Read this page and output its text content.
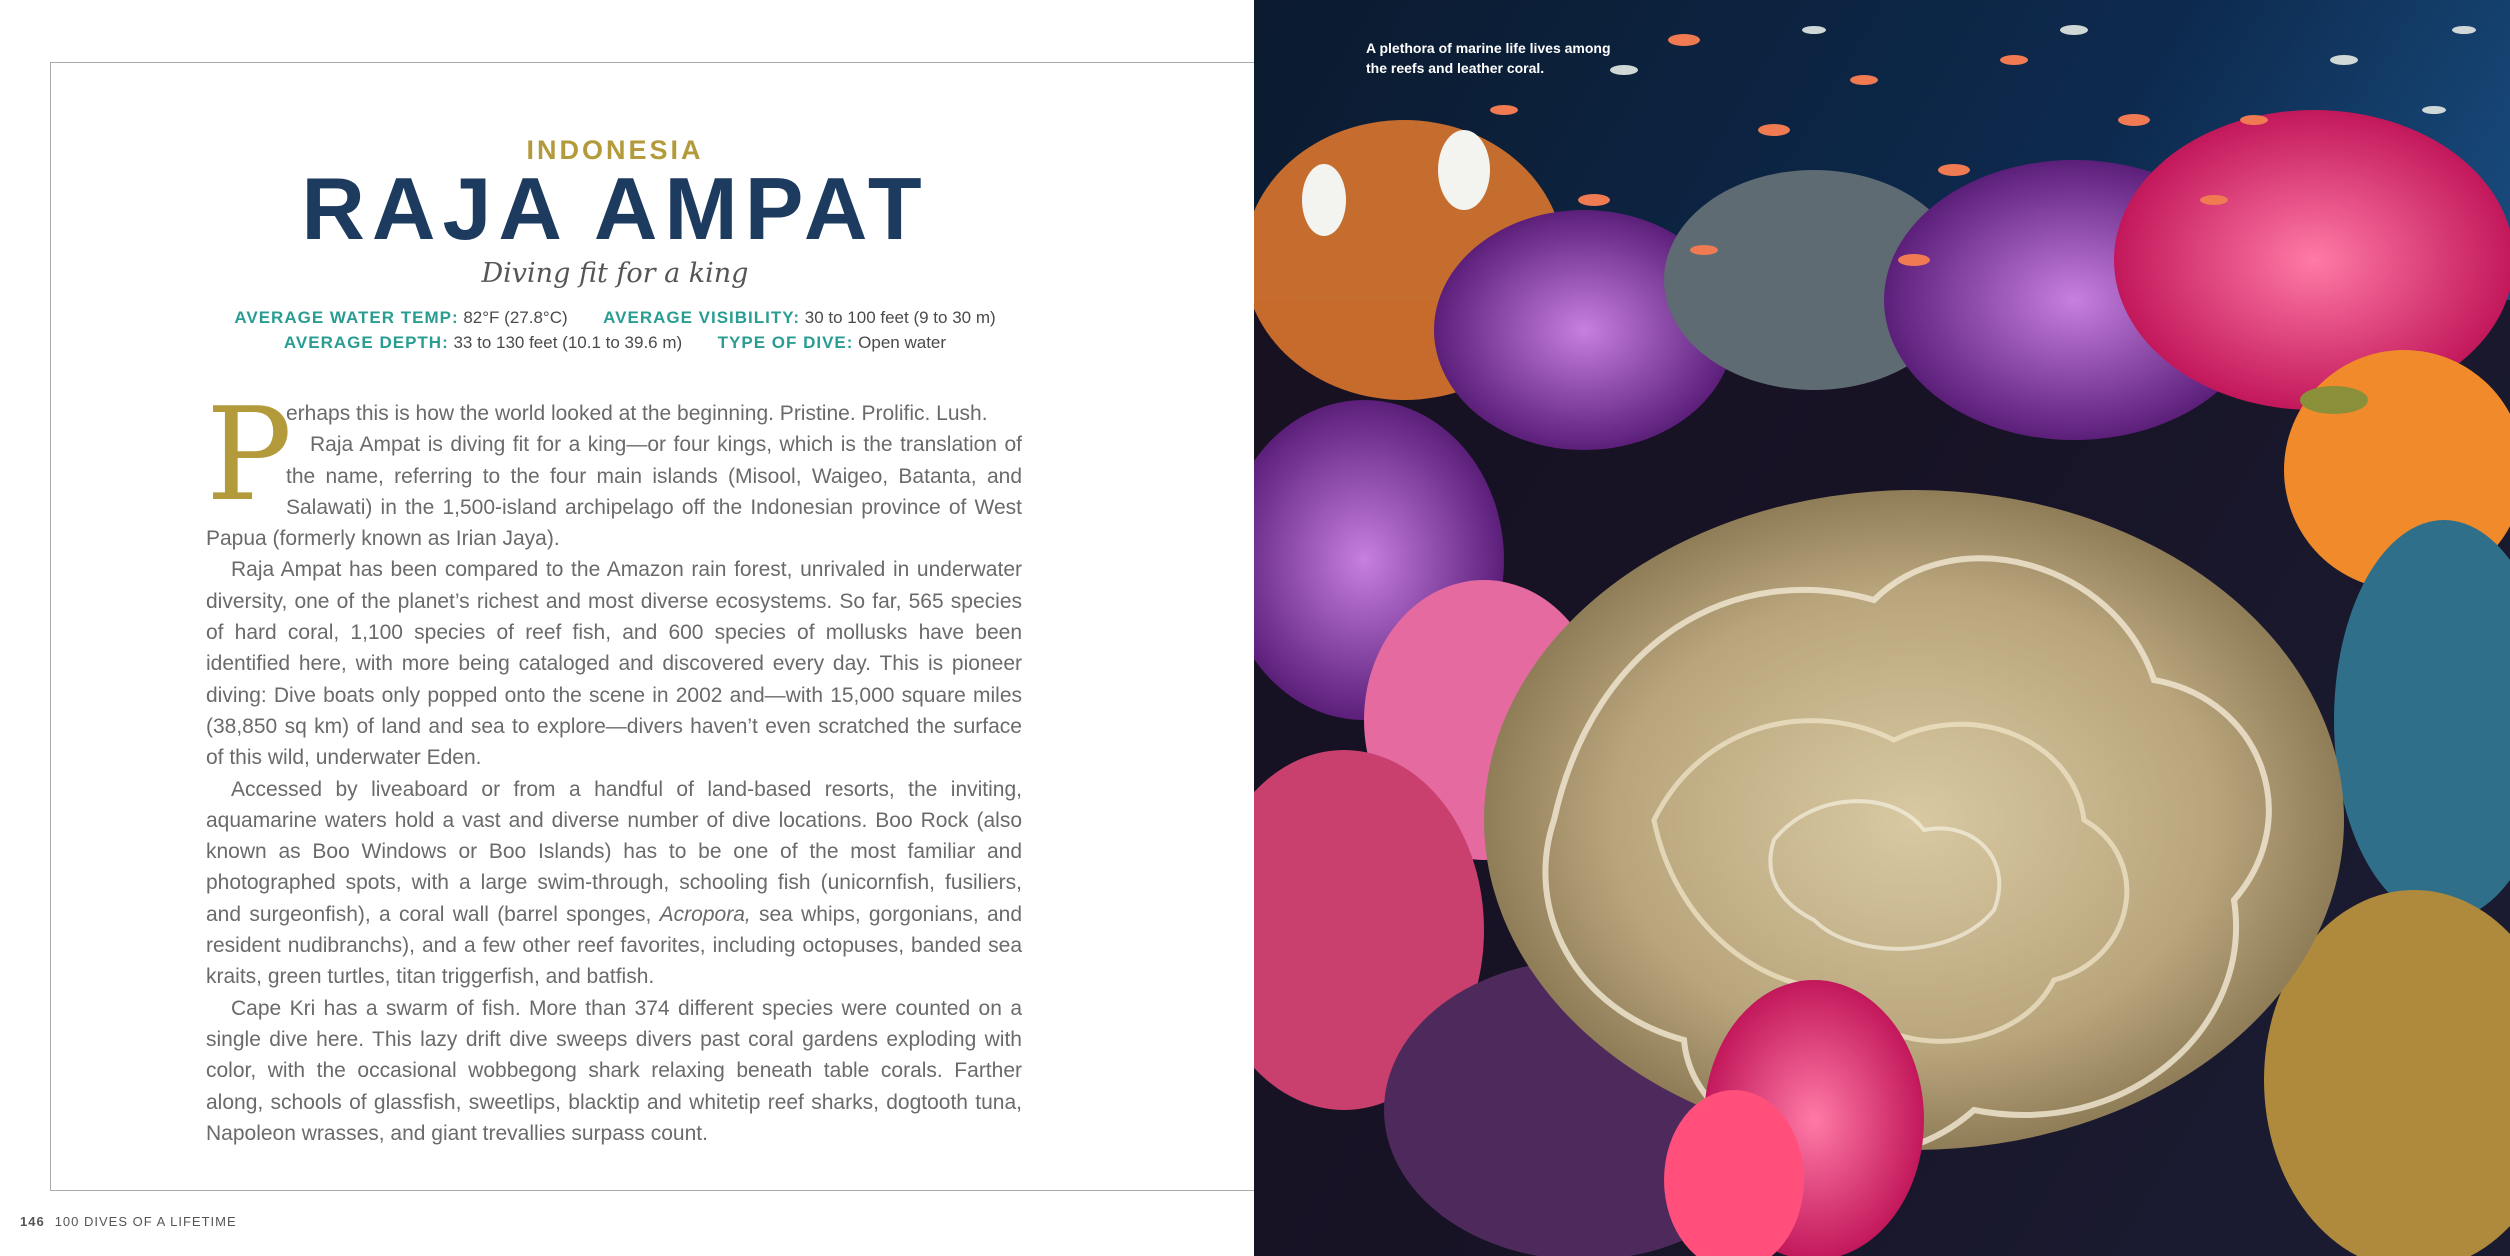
INDONESIA
RAJA AMPAT
Diving fit for a king
AVERAGE WATER TEMP: 82°F (27.8°C) AVERAGE VISIBILITY: 30 to 100 feet (9 to 30 m)
AVERAGE DEPTH: 33 to 130 feet (10.1 to 39.6 m) TYPE OF DIVE: Open water

P
erhaps this is how the world looked at the beginning. Pristine. Prolific. Lush.
Raja Ampat is diving fit for a king—or four kings, which is the translation of the name, referring to the four main islands (Misool, Waigeo, Batanta, and Salawati) in the 1,500-island archipelago off the Indonesian province of West Papua (formerly known as Irian Jaya).

Raja Ampat has been compared to the Amazon rain forest, unrivaled in underwater diversity, one of the planet’s richest and most diverse ecosystems. So far, 565 species of hard coral, 1,100 species of reef fish, and 600 species of mollusks have been identified here, with more being cataloged and discovered every day. This is pioneer diving: Dive boats only popped onto the scene in 2002 and—with 15,000 square miles (38,850 sq km) of land and sea to explore—divers haven’t even scratched the surface of this wild, underwater Eden.

Accessed by liveaboard or from a handful of land-based resorts, the inviting, aquamarine waters hold a vast and diverse number of dive locations. Boo Rock (also known as Boo Windows or Boo Islands) has to be one of the most familiar and photographed spots, with a large swim-through, schooling fish (unicornfish, fusiliers, and surgeonfish), a coral wall (barrel sponges, Acropora, sea whips, gorgonians, and resident nudibranchs), and a few other reef favorites, including octopuses, banded sea kraits, green turtles, titan triggerfish, and batfish.

Cape Kri has a swarm of fish. More than 374 different species were counted on a single dive here. This lazy drift dive sweeps divers past coral gardens exploding with color, with the occasional wobbegong shark relaxing beneath table corals. Farther along, schools of glassfish, sweetlips, blacktip and whitetip reef sharks, dogtooth tuna, Napoleon wrasses, and giant trevallies surpass count.

146 100 DIVES OF A LIFETIME
A plethora of marine life lives among the reefs and leather coral.
